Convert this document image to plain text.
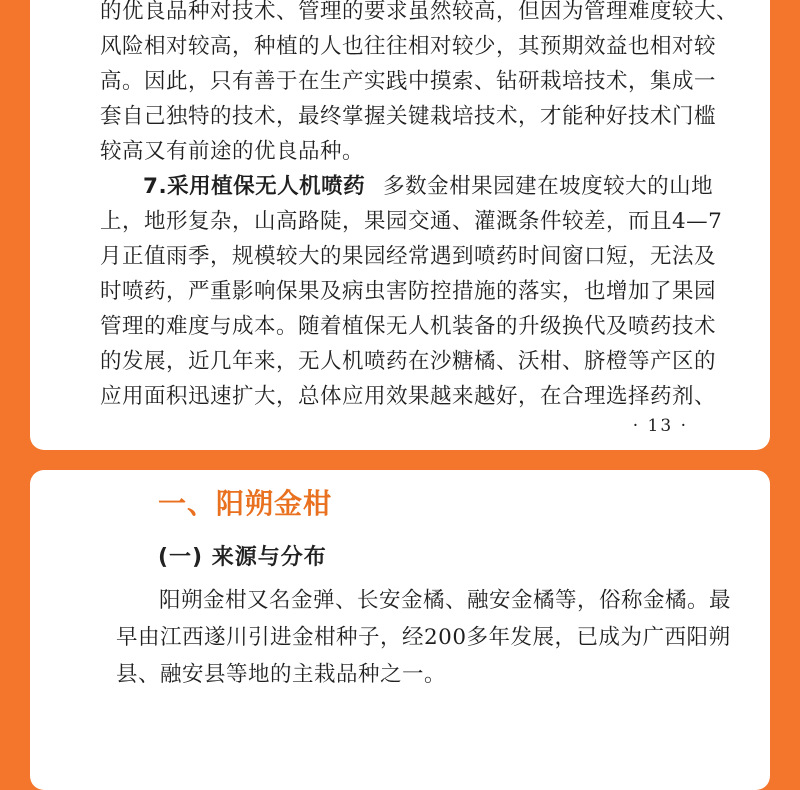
的优良品种对技术、管理的要求虽然较高，但因为管理难度较大、
风险相对较高，种植的人也往往相对较少，其预期效益也相对较
高。因此，只有善于在生产实践中摸索、钻研栽培技术，集成一
套自己独特的技术，最终掌握关键栽培技术，才能种好技术门槛
较高又有前途的优良品种。
7.采用植保无人机喷药 多数金柑果园建在坡度较大的山地
上，地形复杂，山高路陡，果园交通、灌溉条件较差，而且4—7
月正值雨季，规模较大的果园经常遇到喷药时间窗口短，无法及
时喷药，严重影响保果及病虫害防控措施的落实，也增加了果园
管理的难度与成本。随着植保无人机装备的升级换代及喷药技术
的发展，近几年来，无人机喷药在沙糖橘、沃柑、脐橙等产区的
应用面积迅速扩大，总体应用效果越来越好，在合理选择药剂、
· 13 ·
一、阳朔金柑
(一) 来源与分布
阳朔金柑又名金弹、长安金橘、融安金橘等，俗称金橘。最
早由江西遂川引进金柑种子，经200多年发展，已成为广西阳朔
县、融安县等地的主栽品种之一。
